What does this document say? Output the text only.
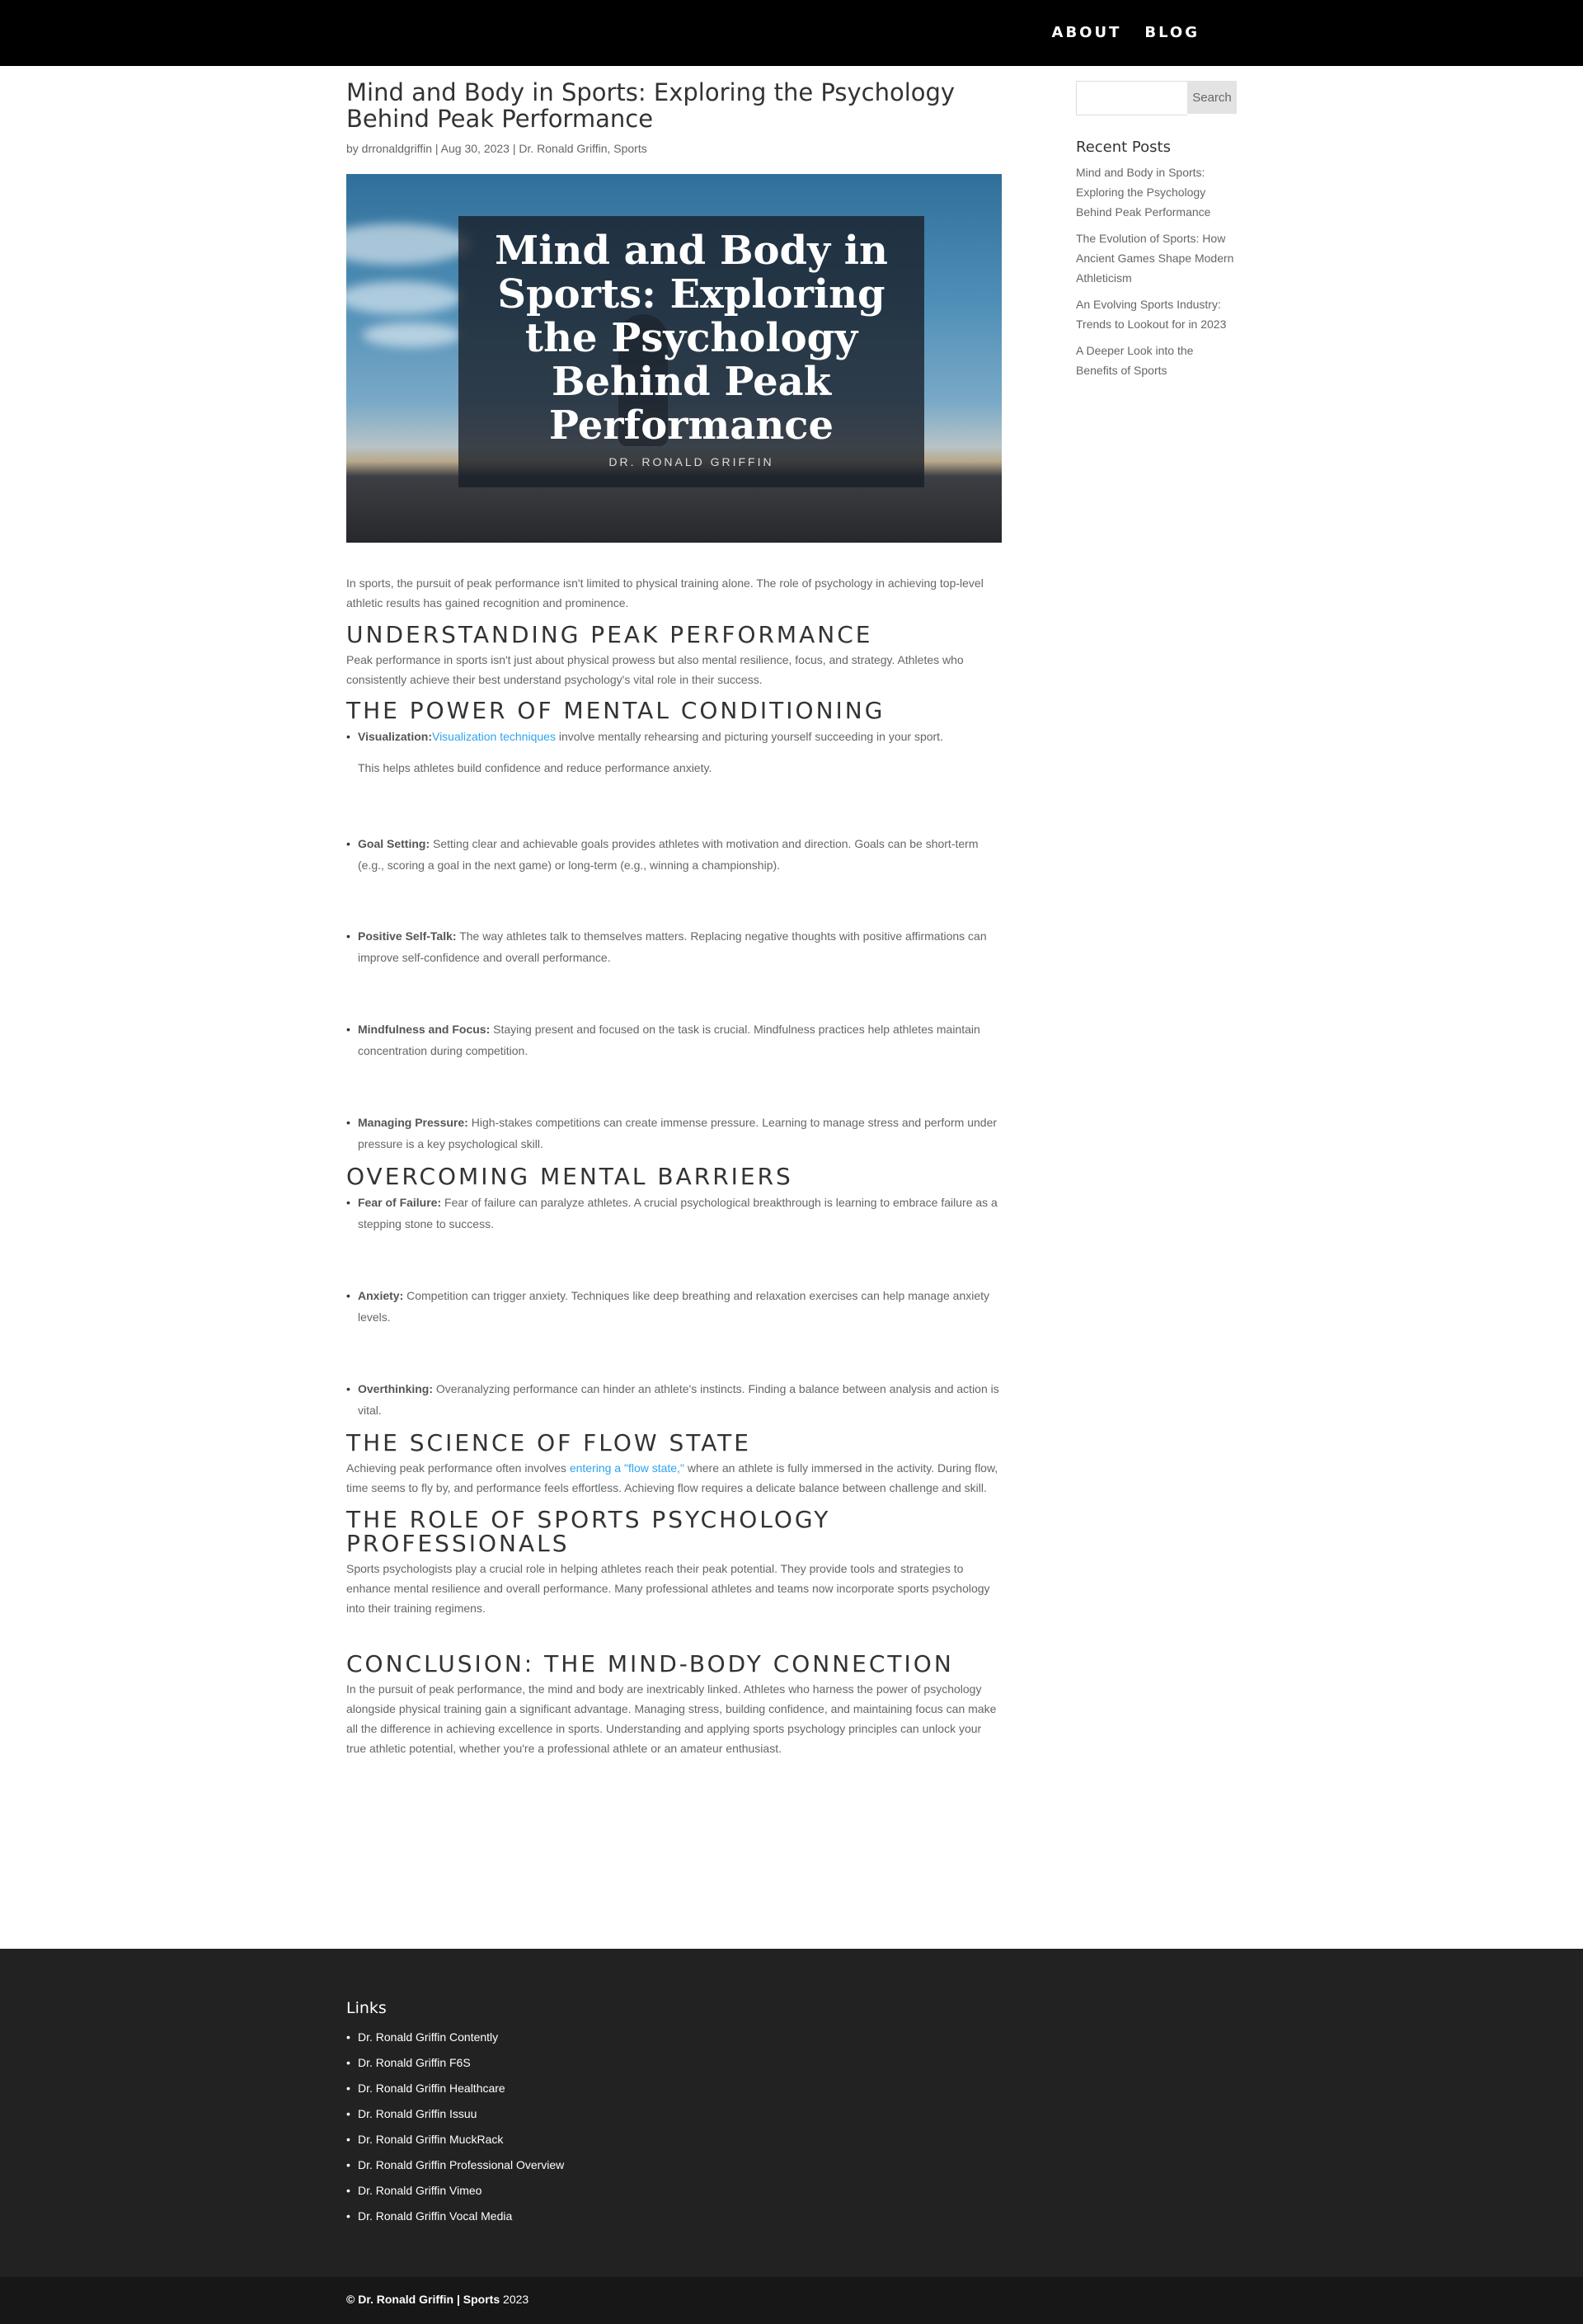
ABOUT BLOG
Mind and Body in Sports: Exploring the Psychology Behind Peak Performance
by drronaldgriffin | Aug 30, 2023 | Dr. Ronald Griffin, Sports
Mind and Body in Sports: Exploring the Psychology Behind Peak Performance
DR. RONALD GRIFFIN

In sports, the pursuit of peak performance isn't limited to physical training alone. The role of psychology in achieving top-level athletic results has gained recognition and prominence.

UNDERSTANDING PEAK PERFORMANCE

Peak performance in sports isn't just about physical prowess but also mental resilience, focus, and strategy. Athletes who consistently achieve their best understand psychology's vital role in their success.

THE POWER OF MENTAL CONDITIONING
• Visualization:Visualization techniques involve mentally rehearsing and picturing yourself succeeding in your sport.
This helps athletes build confidence and reduce performance anxiety.
• Goal Setting: Setting clear and achievable goals provides athletes with motivation and direction. Goals can be short-term (e.g., scoring a goal in the next game) or long-term (e.g., winning a championship).
• Positive Self-Talk: The way athletes talk to themselves matters. Replacing negative thoughts with positive affirmations can improve self-confidence and overall performance.
• Mindfulness and Focus: Staying present and focused on the task is crucial. Mindfulness practices help athletes maintain concentration during competition.
• Managing Pressure: High-stakes competitions can create immense pressure. Learning to manage stress and perform under pressure is a key psychological skill.
OVERCOMING MENTAL BARRIERS
• Fear of Failure: Fear of failure can paralyze athletes. A crucial psychological breakthrough is learning to embrace failure as a stepping stone to success.
• Anxiety: Competition can trigger anxiety. Techniques like deep breathing and relaxation exercises can help manage anxiety levels.
• Overthinking: Overanalyzing performance can hinder an athlete's instincts. Finding a balance between analysis and action is vital.
THE SCIENCE OF FLOW STATE

Achieving peak performance often involves entering a "flow state," where an athlete is fully immersed in the activity. During flow, time seems to fly by, and performance feels effortless. Achieving flow requires a delicate balance between challenge and skill.

THE ROLE OF SPORTS PSYCHOLOGY PROFESSIONALS

Sports psychologists play a crucial role in helping athletes reach their peak potential. They provide tools and strategies to enhance mental resilience and overall performance. Many professional athletes and teams now incorporate sports psychology into their training regimens.

CONCLUSION: THE MIND-BODY CONNECTION

In the pursuit of peak performance, the mind and body are inextricably linked. Athletes who harness the power of psychology alongside physical training gain a significant advantage. Managing stress, building confidence, and maintaining focus can make all the difference in achieving excellence in sports. Understanding and applying sports psychology principles can unlock your true athletic potential, whether you're a professional athlete or an amateur enthusiast.

Search
Recent Posts
Mind and Body in Sports: Exploring the Psychology Behind Peak Performance
The Evolution of Sports: How Ancient Games Shape Modern Athleticism
An Evolving Sports Industry: Trends to Lookout for in 2023
A Deeper Look into the Benefits of Sports
Links
• Dr. Ronald Griffin Contently
• Dr. Ronald Griffin F6S
• Dr. Ronald Griffin Healthcare
• Dr. Ronald Griffin Issuu
• Dr. Ronald Griffin MuckRack
• Dr. Ronald Griffin Professional Overview
• Dr. Ronald Griffin Vimeo
• Dr. Ronald Griffin Vocal Media
© Dr. Ronald Griffin | Sports 2023
